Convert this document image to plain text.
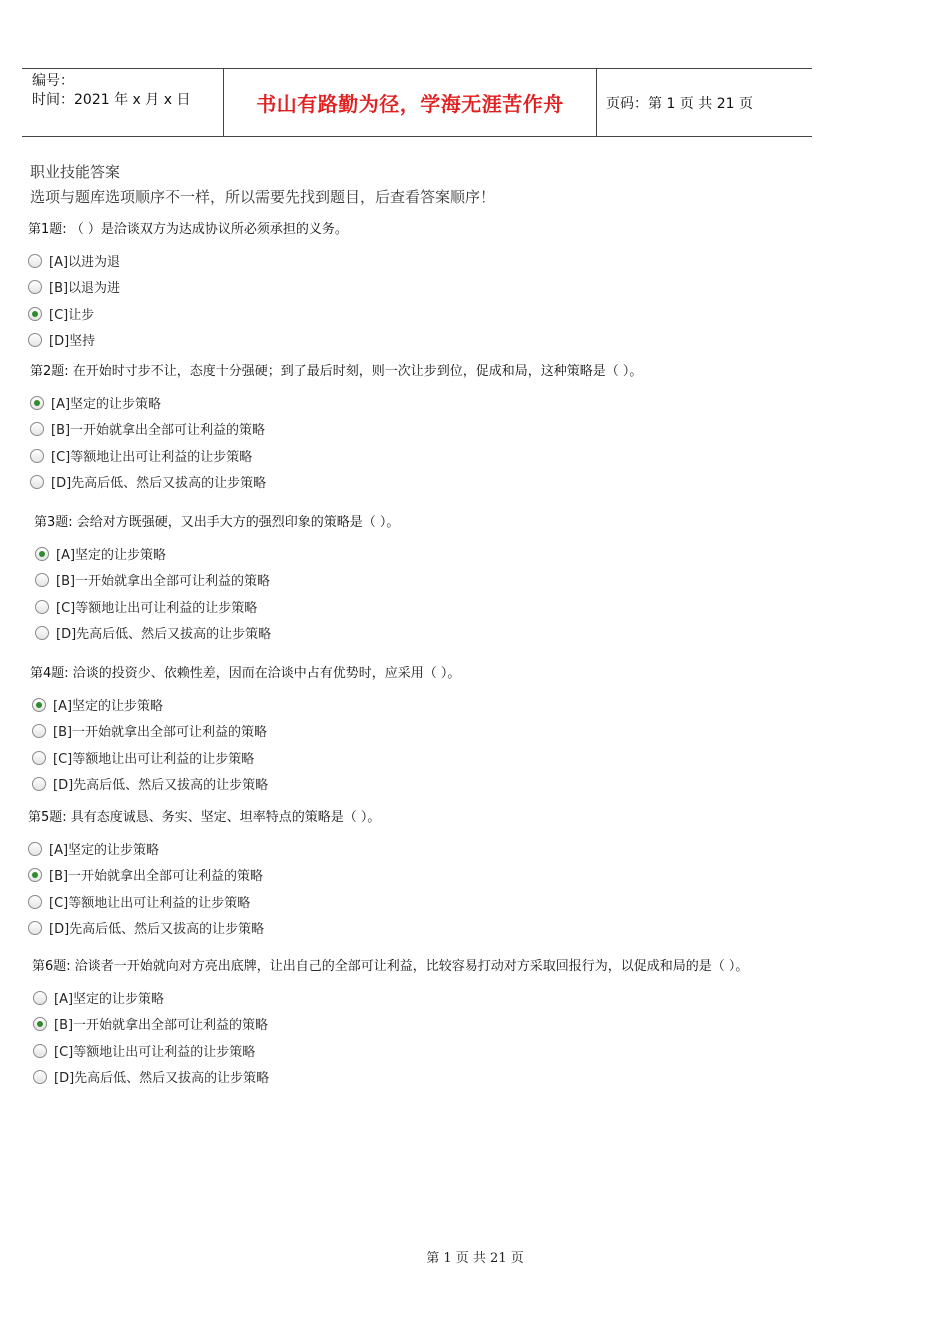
编号：
时间：2021 年 x 月 x 日	书山有路勤为径，学海无涯苦作舟	页码：第 1 页 共 21 页
职业技能答案
选项与题库选项顺序不一样，所以需要先找到题目，后查看答案顺序！
第1题: （ ）是洽谈双方为达成协议所必须承担的义务。
[A]以进为退
[B]以退为进
[C]让步
[D]坚持
第2题: 在开始时寸步不让，态度十分强硬；到了最后时刻，则一次让步到位，促成和局，这种策略是（ ）。
[A]坚定的让步策略
[B]一开始就拿出全部可让利益的策略
[C]等额地让出可让利益的让步策略
[D]先高后低、然后又拔高的让步策略
第3题: 会给对方既强硬，又出手大方的强烈印象的策略是（ ）。
[A]坚定的让步策略
[B]一开始就拿出全部可让利益的策略
[C]等额地让出可让利益的让步策略
[D]先高后低、然后又拔高的让步策略
第4题: 洽谈的投资少、依赖性差，因而在洽谈中占有优势时，应采用（ ）。
[A]坚定的让步策略
[B]一开始就拿出全部可让利益的策略
[C]等额地让出可让利益的让步策略
[D]先高后低、然后又拔高的让步策略
第5题: 具有态度诚恳、务实、坚定、坦率特点的策略是（ ）。
[A]坚定的让步策略
[B]一开始就拿出全部可让利益的策略
[C]等额地让出可让利益的让步策略
[D]先高后低、然后又拔高的让步策略
第6题: 洽谈者一开始就向对方亮出底牌，让出自己的全部可让利益，比较容易打动对方采取回报行为，以促成和局的是（ ）。
[A]坚定的让步策略
[B]一开始就拿出全部可让利益的策略
[C]等额地让出可让利益的让步策略
[D]先高后低、然后又拔高的让步策略
第 1 页 共 21 页
